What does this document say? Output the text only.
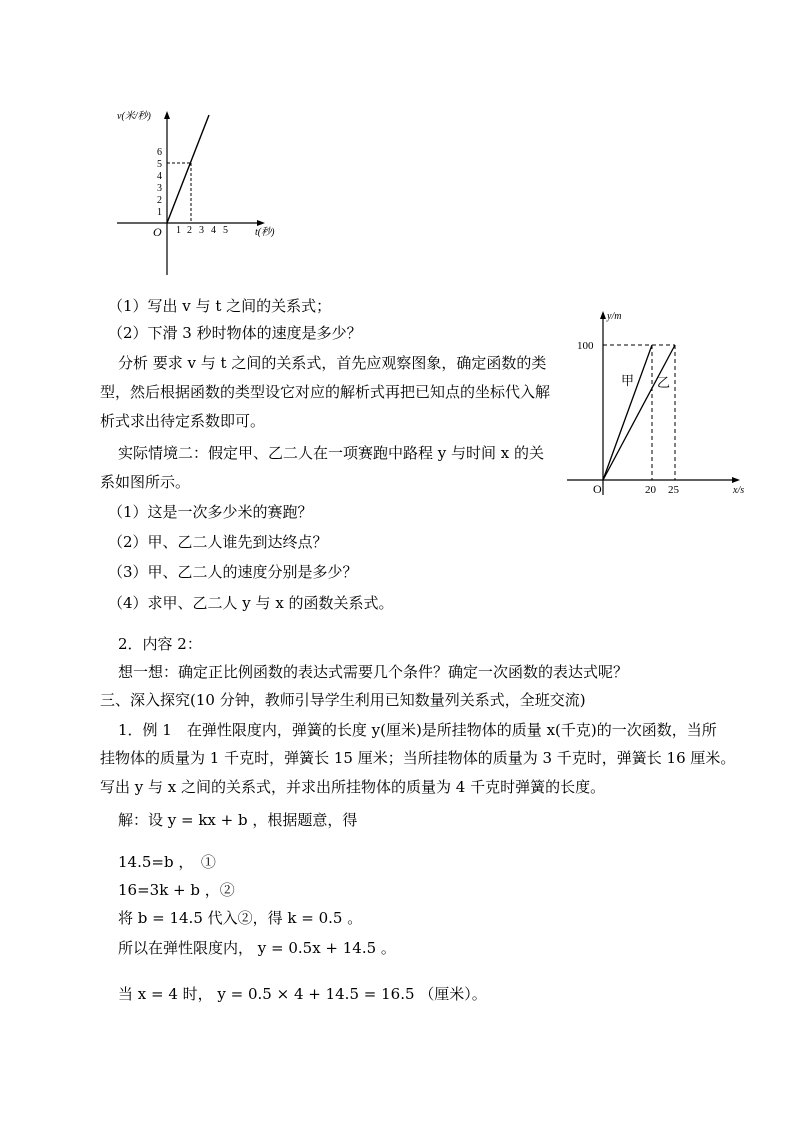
1
2
3
4
5
6
1 2 3 4 5
O
v(米/秒)
t(秒)
100
20 25
O
y/m
x/s
甲 乙
（1）写出 v 与 t 之间的关系式；
（2）下滑 3 秒时物体的速度是多少？
分析 要求 v 与 t 之间的关系式，首先应观察图象，确定函数的类
型，然后根据函数的类型设它对应的解析式再把已知点的坐标代入解
析式求出待定系数即可。
实际情境二：假定甲、乙二人在一项赛跑中路程 y 与时间 x 的关
系如图所示。
（1）这是一次多少米的赛跑？
（2）甲、乙二人谁先到达终点？
（3）甲、乙二人的速度分别是多少？
（4）求甲、乙二人 y 与 x 的函数关系式。
2．内容 2：
想一想：确定正比例函数的表达式需要几个条件？确定一次函数的表达式呢？
三、深入探究(10 分钟，教师引导学生利用已知数量列关系式，全班交流)
1．例 1　在弹性限度内，弹簧的长度 y(厘米)是所挂物体的质量 x(千克)的一次函数，当所
挂物体的质量为 1 千克时，弹簧长 15 厘米；当所挂物体的质量为 3 千克时，弹簧长 16 厘米。
写出 y 与 x 之间的关系式，并求出所挂物体的质量为 4 千克时弹簧的长度。
解：设 y = kx + b ，根据题意，得
14.5=b ，　①
16=3k + b ，②
将 b = 14.5 代入②，得 k = 0.5 。
所以在弹性限度内， y = 0.5x + 14.5 。
当 x = 4 时， y = 0.5 × 4 + 14.5 = 16.5 （厘米）。
